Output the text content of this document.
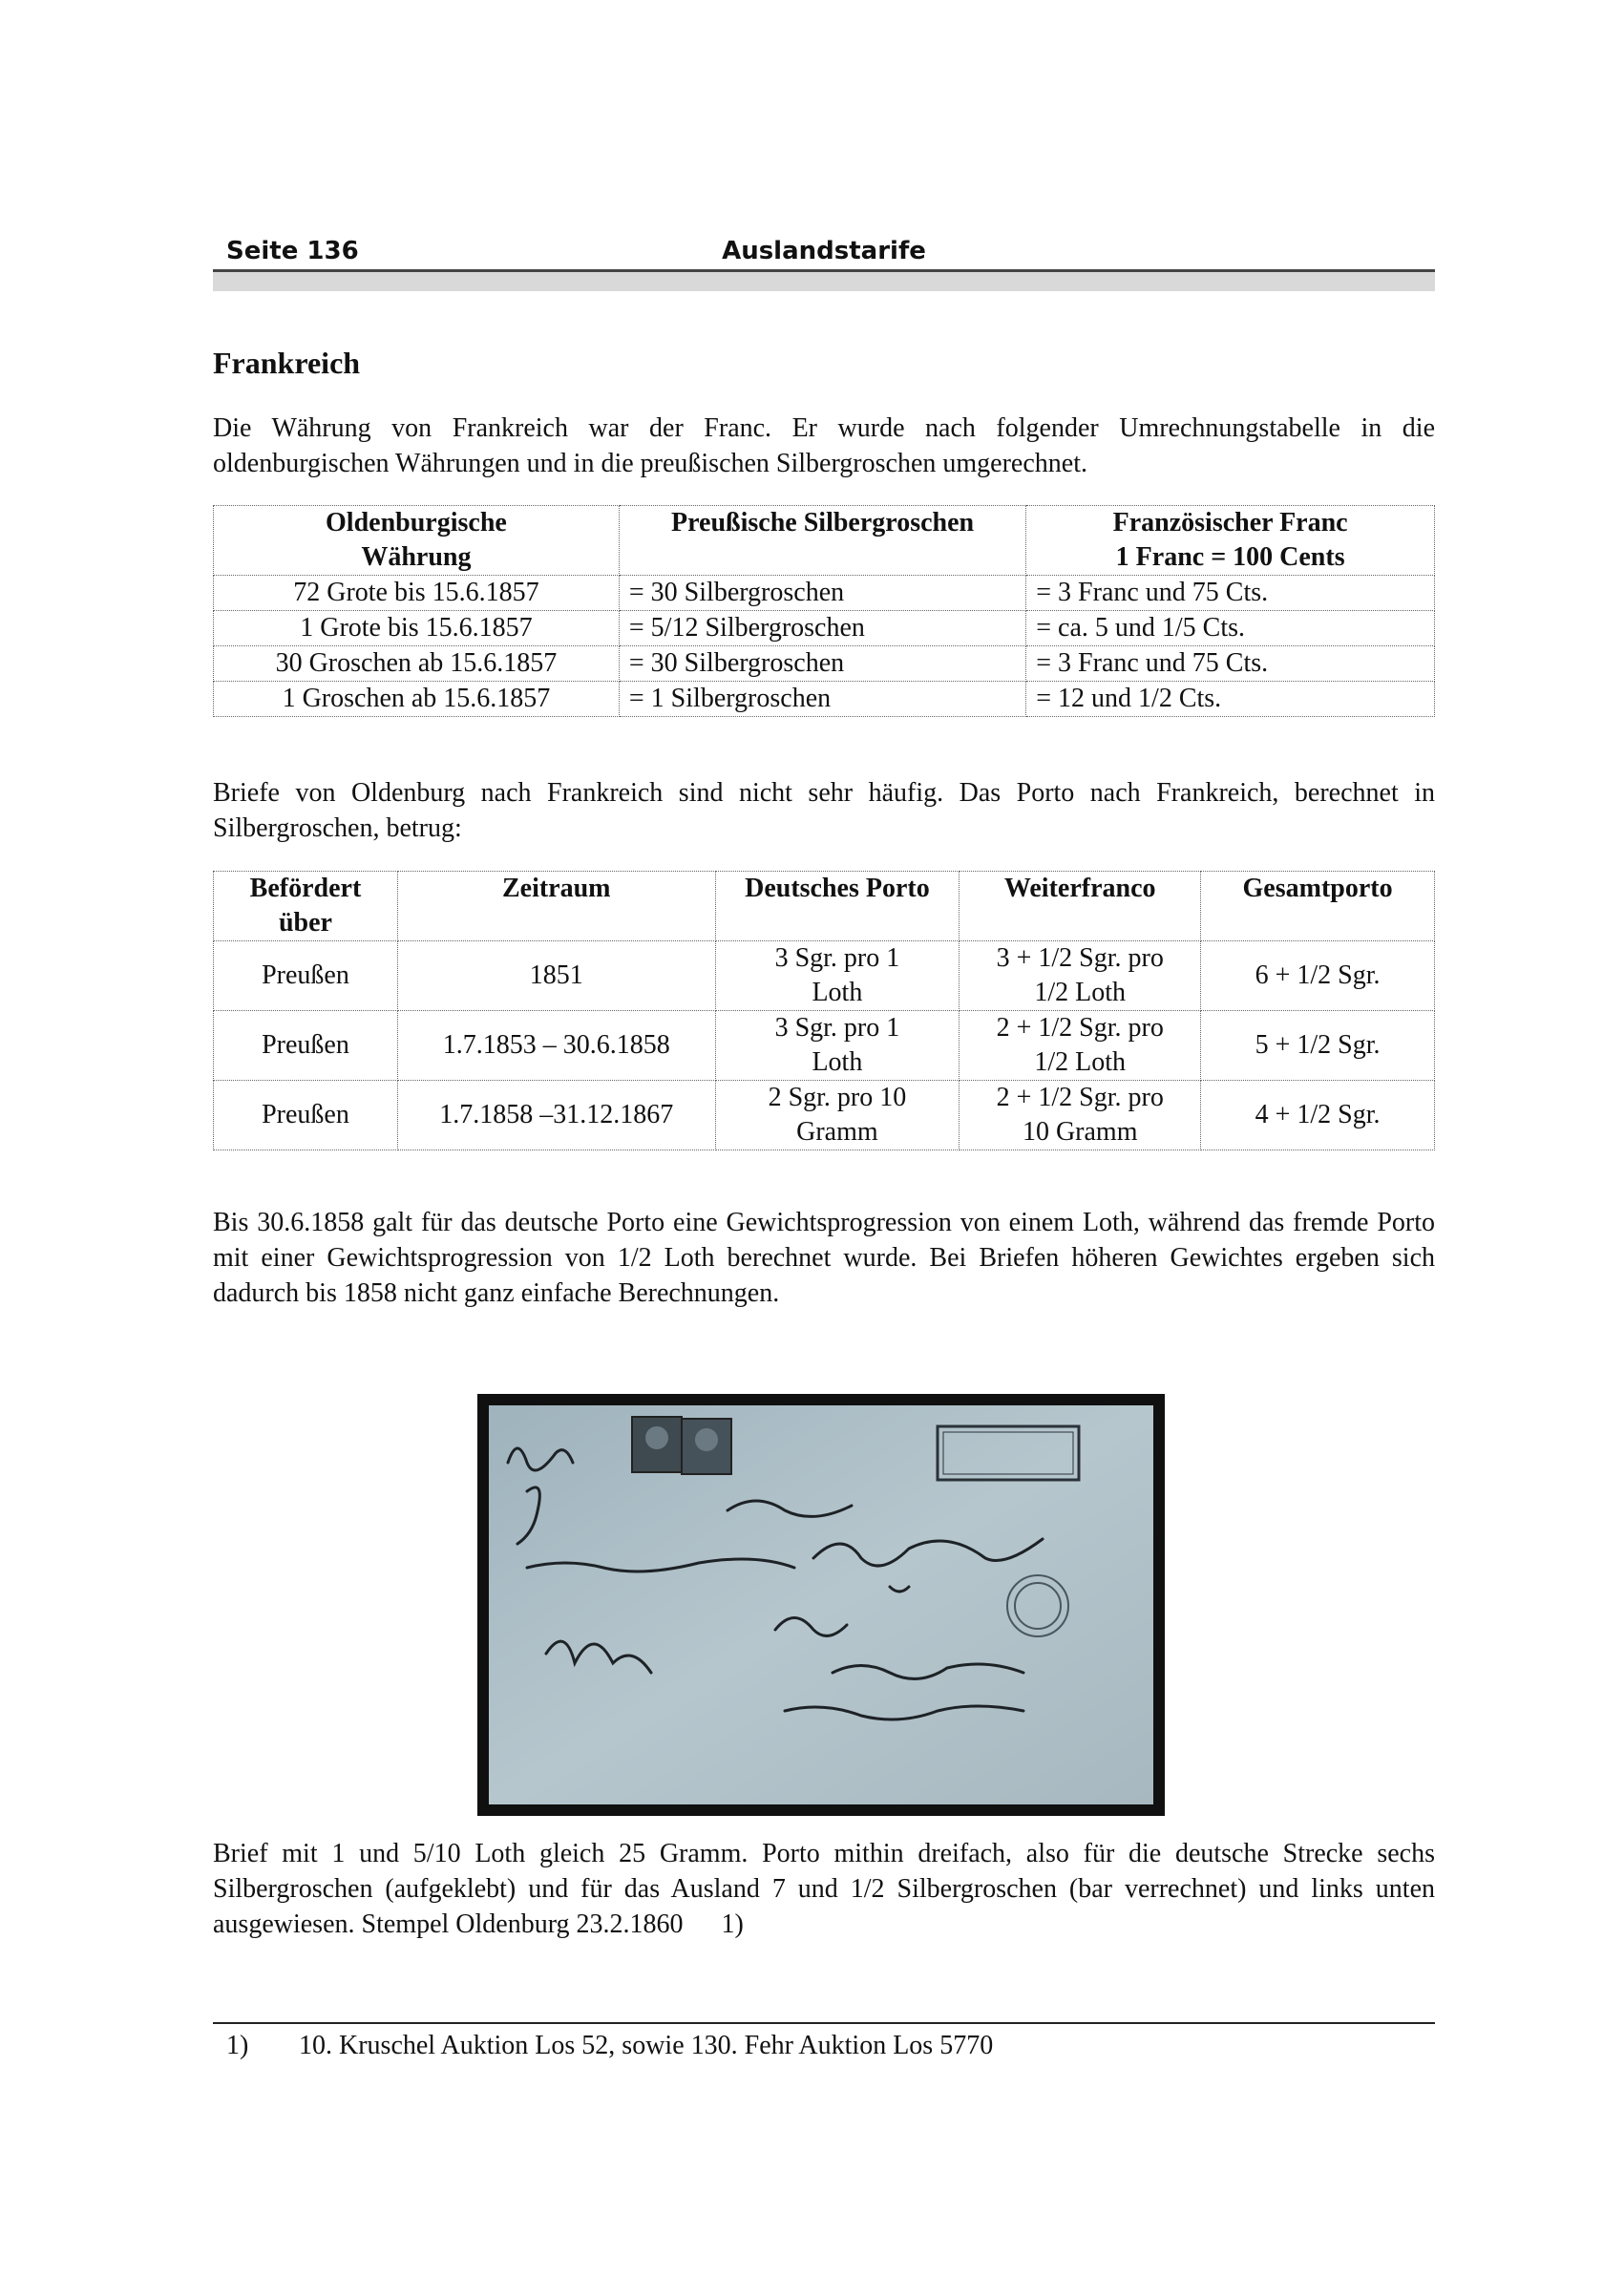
Seite 136	Auslandstarife
Frankreich

Die Währung von Frankreich war der Franc. Er wurde nach folgender Umrechnungstabelle in die oldenburgischen Währungen und in die preußischen Silbergroschen umgerechnet.

Oldenburgische Währung	Preußische Silbergroschen	Französischer Franc 1 Franc = 100 Cents
72 Grote bis 15.6.1857	= 30 Silbergroschen	= 3 Franc und 75 Cts.
1 Grote bis 15.6.1857	= 5/12 Silbergroschen	= ca. 5 und 1/5 Cts.
30 Groschen ab 15.6.1857	= 30 Silbergroschen	= 3 Franc und 75 Cts.
1 Groschen ab 15.6.1857	= 1 Silbergroschen	= 12 und 1/2 Cts.

Briefe von Oldenburg nach Frankreich sind nicht sehr häufig. Das Porto nach Frankreich, berechnet in Silbergroschen, betrug:

Befördert über	Zeitraum	Deutsches Porto	Weiterfranco	Gesamtporto
Preußen	1851	3 Sgr. pro 1 Loth	3 + 1/2 Sgr. pro 1/2 Loth	6 + 1/2 Sgr.
Preußen	1.7.1853 – 30.6.1858	3 Sgr. pro 1 Loth	2 + 1/2 Sgr. pro 1/2 Loth	5 + 1/2 Sgr.
Preußen	1.7.1858 –31.12.1867	2 Sgr. pro 10 Gramm	2 + 1/2 Sgr. pro 10 Gramm	4 + 1/2 Sgr.

Bis 30.6.1858 galt für das deutsche Porto eine Gewichtsprogression von einem Loth, während das fremde Porto mit einer Gewichtsprogression von 1/2 Loth berechnet wurde. Bei Briefen höheren Gewichtes ergeben sich dadurch bis 1858 nicht ganz einfache Berechnungen.

Brief mit 1 und 5/10 Loth gleich 25 Gramm. Porto mithin dreifach, also für die deutsche Strecke sechs Silbergroschen (aufgeklebt) und für das Ausland 7 und 1/2 Silbergroschen (bar verrechnet) und links unten ausgewiesen. Stempel Oldenburg 23.2.1860 1)

1) 10. Kruschel Auktion Los 52, sowie 130. Fehr Auktion Los 5770
